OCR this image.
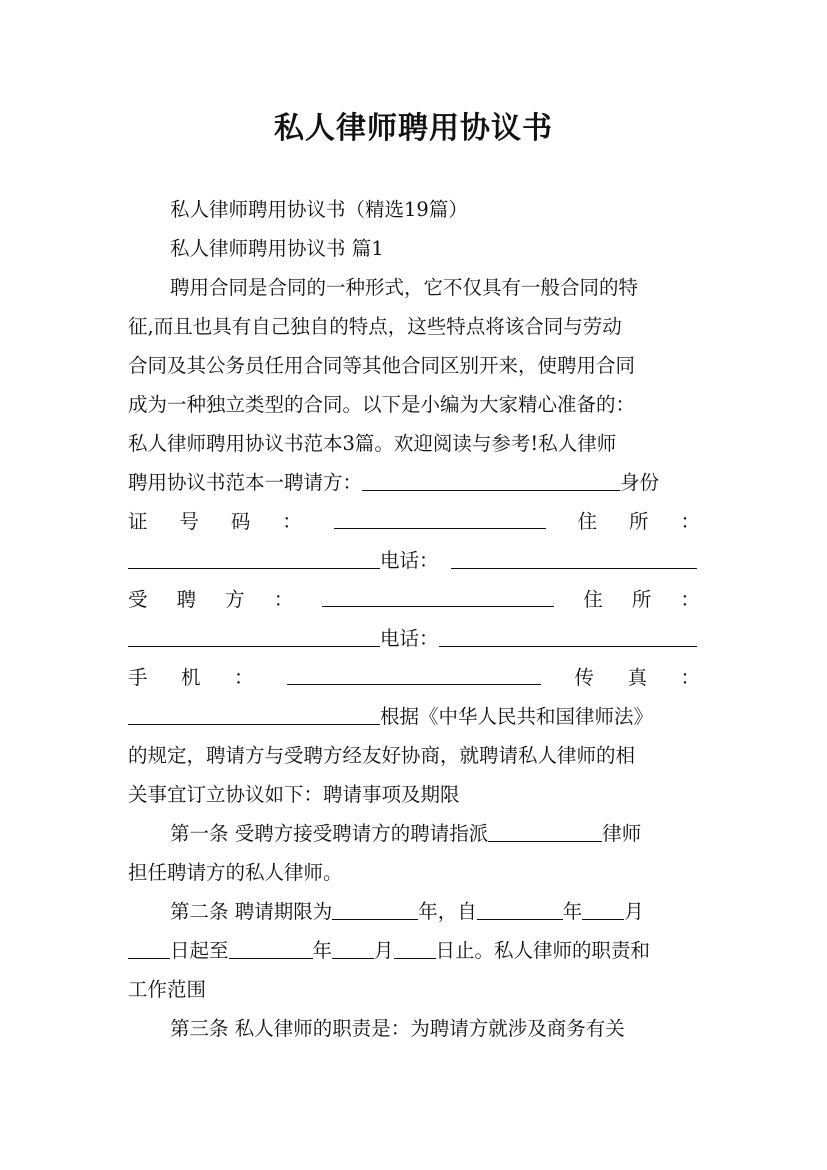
私人律师聘用协议书
私人律师聘用协议书（精选19篇）
私人律师聘用协议书 篇1
聘用合同是合同的一种形式，它不仅具有一般合同的特
征,而且也具有自己独自的特点，这些特点将该合同与劳动
合同及其公务员任用合同等其他合同区别开来，使聘用合同
成为一种独立类型的合同。以下是小编为大家精心准备的：
私人律师聘用协议书范本3篇。欢迎阅读与参考!私人律师
聘用协议书范本一聘请方：	身份
证 号 码 ：	住 所 ：
电话：
受 聘 方 ：	住 所 ：
电话：
手 机 ：	传 真 ：
根据《中华人民共和国律师法》
的规定，聘请方与受聘方经友好协商，就聘请私人律师的相
关事宜订立协议如下：聘请事项及期限
第一条 受聘方接受聘请方的聘请指派	律师
担任聘请方的私人律师。
第二条 聘请期限为	年，自	年 月
日起至	年 月 日止。私人律师的职责和
工作范围
第三条 私人律师的职责是：为聘请方就涉及商务有关
